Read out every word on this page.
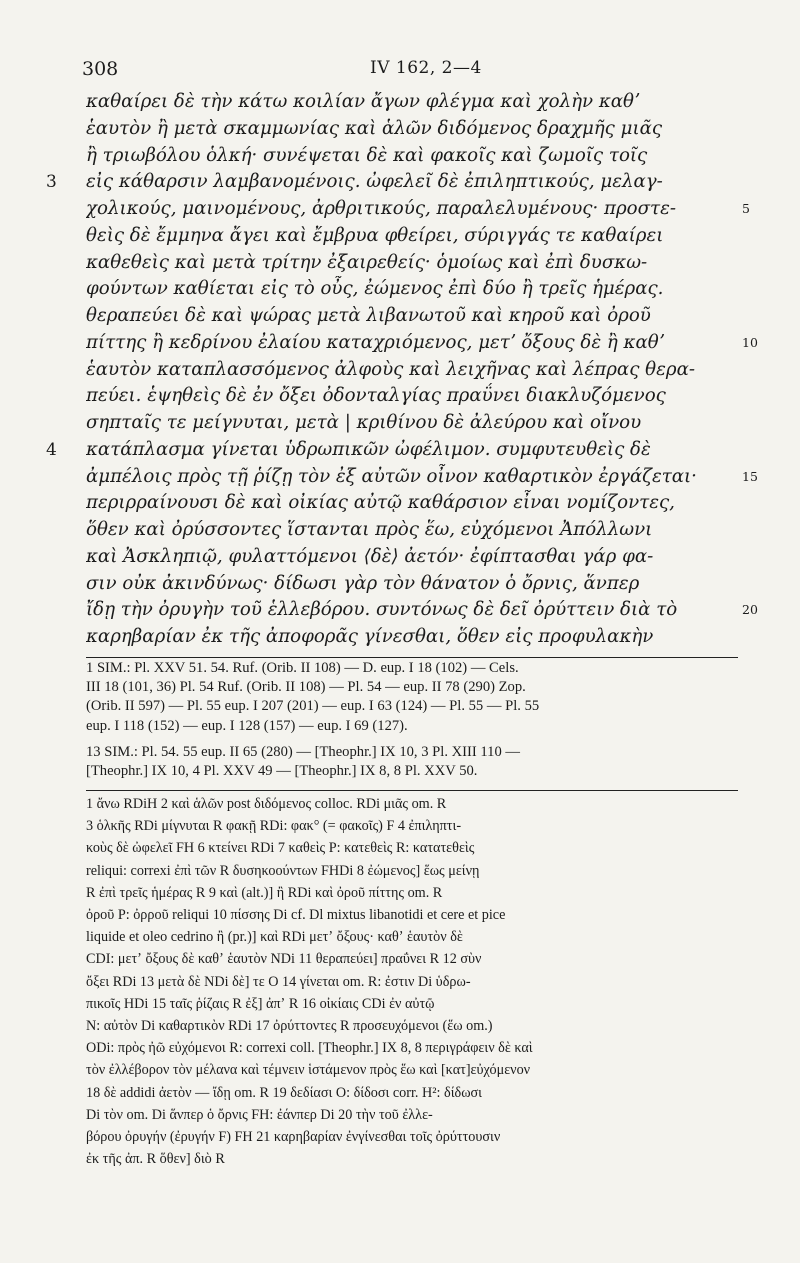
308	IV 162, 2—4
καθαίρει δὲ τὴν κάτω κοιλίαν ἄγων φλέγμα καὶ χολὴν καθʼ
ἑαυτὸν ἢ μετὰ σκαμμωνίας καὶ ἁλῶν διδόμενος δραχμῆς μιᾶς
ἢ τριωβόλου ὁλκή· συνέψεται δὲ καὶ φακοῖς καὶ ζωμοῖς τοῖς
3 εἰς κάθαρσιν λαμβανομένοις. ὠφελεῖ δὲ ἐπιληπτικούς, μελαγ-
χολικούς, μαινομένους, ἀρθριτικούς, παραλελυμένους· προστε-	5
θεὶς δὲ ἔμμηνα ἄγει καὶ ἔμβρυα φθείρει, σύριγγάς τε καθαίρει
καθεθεὶς καὶ μετὰ τρίτην ἐξαιρεθείς· ὁμοίως καὶ ἐπὶ δυσκω-
φούντων καθίεται εἰς τὸ οὖς, ἐώμενος ἐπὶ δύο ἢ τρεῖς ἡμέρας.
θεραπεύει δὲ καὶ ψώρας μετὰ λιβανωτοῦ καὶ κηροῦ καὶ ὀροῦ
πίττης ἢ κεδρίνου ἐλαίου καταχριόμενος, μετʼ ὄξους δὲ ἢ καθʼ	10
ἑαυτὸν καταπλασσόμενος ἀλφοὺς καὶ λειχῆνας καὶ λέπρας θερα-
πεύει. ἑψηθεὶς δὲ ἐν ὄξει ὀδονταλγίας πραΰνει διακλυζόμενος
σηπταῖς τε μείγνυται, μετὰ | κριθίνου δὲ ἀλεύρου καὶ οἴνου
4 κατάπλασμα γίνεται ὑδρωπικῶν ὠφέλιμον. συμφυτευθεὶς δὲ
ἀμπέλοις πρὸς τῇ ῥίζῃ τὸν ἐξ αὐτῶν οἶνον καθαρτικὸν ἐργάζεται·	15
περιρραίνουσι δὲ καὶ οἰκίας αὐτῷ καθάρσιον εἶναι νομίζοντες,
ὅθεν καὶ ὀρύσσοντες ἵστανται πρὸς ἕω, εὐχόμενοι Ἀπόλλωνι
καὶ Ἀσκληπιῷ, φυλαττόμενοι ⟨δὲ⟩ ἀετόν· ἐφίπτασθαι γάρ φα-
σιν οὐκ ἀκινδύνως· δίδωσι γὰρ τὸν θάνατον ὁ ὄρνις, ἅνπερ
ἴδῃ τὴν ὀρυγὴν τοῦ ἑλλεβόρου. συντόνως δὲ δεῖ ὀρύττειν διὰ τὸ	20
καρηβαρίαν ἐκ τῆς ἀποφορᾶς γίνεσθαι, ὅθεν εἰς προφυλακὴν
1 SIM.: Pl. XXV 51. 54. Ruf. (Orib. II 108) — D. eup. I 18 (102) — Cels.
III 18 (101, 36) Pl. 54 Ruf. (Orib. II 108) — Pl. 54 — eup. II 78 (290) Zop.
(Orib. II 597) — Pl. 55 eup. I 207 (201) — eup. I 63 (124) — Pl. 55 — Pl. 55
eup. I 118 (152) — eup. I 128 (157) — eup. I 69 (127).
13 SIM.: Pl. 54. 55 eup. II 65 (280) — [Theophr.] IX 10, 3 Pl. XIII 110 —
[Theophr.] IX 10, 4 Pl. XXV 49 — [Theophr.] IX 8, 8 Pl. XXV 50.
1 ἄνω RDiH 2 καὶ ἁλῶν post διδόμενος colloc. RDi μιᾶς om. R
3 ὁλκῆς RDi μίγνυται R φακῇ RDi: φακ° (= φακοῖς) F 4 ἐπιληπτι-
κοὺς δὲ ὠφελεῖ FH 6 κτείνει RDi 7 καθεὶς P: κατεθεὶς R: κατατεθεὶς
reliqui: correxi ἐπὶ τῶν R δυσηκοούντων FHDi 8 ἐώμενος] ἕως μείνῃ
R ἐπὶ τρεῖς ἡμέρας R 9 καὶ (alt.)] ἢ RDi καὶ ὀροῦ πίττης om. R
ὀροῦ P: ὀρροῦ reliqui 10 πίσσης Di cf. Dl mixtus libanotidi et cere et pice
liquide et oleo cedrino ἢ (pr.)] καὶ RDi μετʼ ὄξους· καθʼ ἑαυτὸν δὲ
CDI: μετʼ ὄξους δὲ καθʼ ἑαυτὸν NDi 11 θεραπεύει] πραΰνει R 12 σὺν
ὄξει RDi 13 μετὰ δὲ NDi δὲ] τε O 14 γίνεται om. R: ἐστιν Di ὑδρω-
πικοῖς HDi 15 ταῖς ῥίζαις R ἐξ] ἀπʼ R 16 οἰκίαις CDi ἐν αὐτῷ
N: αὐτὸν Di καθαρτικὸν RDi 17 ὀρύττοντες R προσευχόμενοι (ἕω om.)
ODi: πρὸς ἠῶ εὐχόμενοι R: correxi coll. [Theophr.] IX 8, 8 περιγράφειν δὲ καὶ
τὸν ἐλλέβορον τὸν μέλανα καὶ τέμνειν ἱστάμενον πρὸς ἕω καὶ [κατ]εὐχόμενον
18 δὲ addidi ἀετὸν — ἴδῃ om. R 19 δεδίασι O: δίδοσι corr. H²: δίδωσι
Di τὸν om. Di ἅνπερ ὁ ὄρνις FH: ἐάνπερ Di 20 τὴν τοῦ ἐλλε-
βόρου ὀρυγήν (ἐρυγήν F) FH 21 καρηβαρίαν ἐνγίνεσθαι τοῖς ὀρύττουσιν
ἐκ τῆς ἀπ. R ὅθεν] διὸ R
